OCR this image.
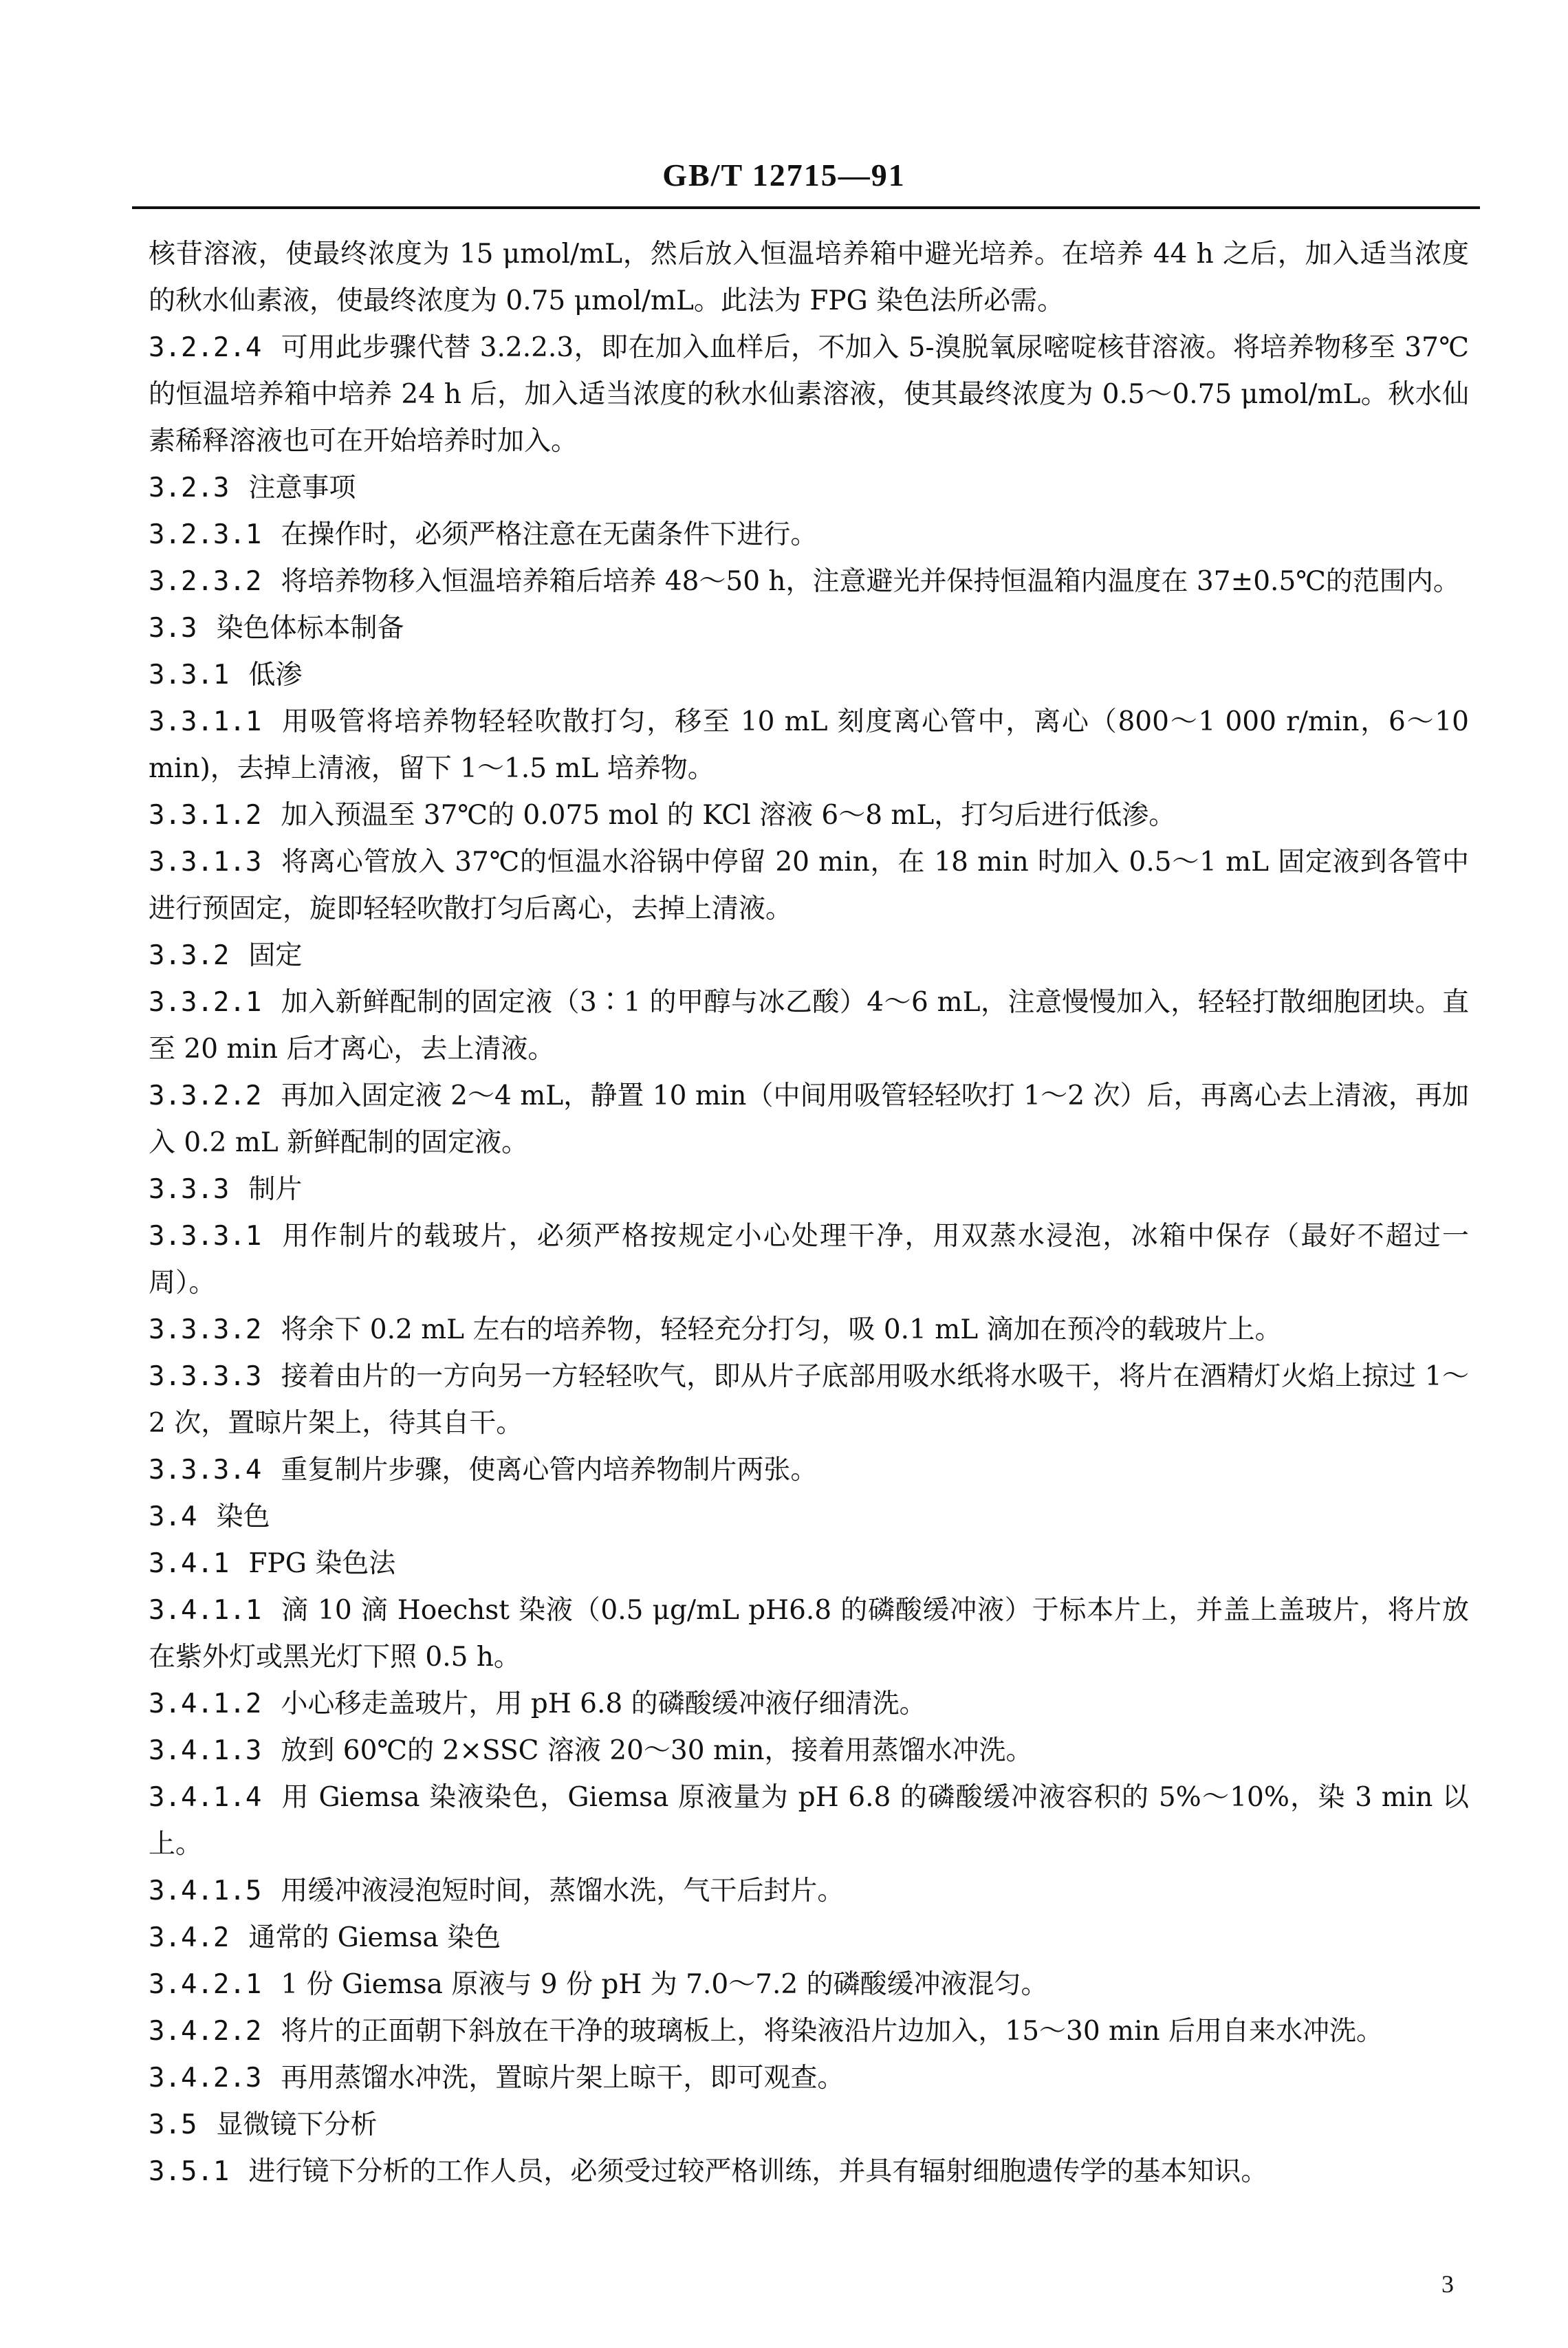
GB/T 12715—91

核苷溶液，使最终浓度为 15 μmol/mL，然后放入恒温培养箱中避光培养。在培养 44 h 之后，加入适当浓度的秋水仙素液，使最终浓度为 0.75 μmol/mL。此法为 FPG 染色法所必需。

3.2.2.4 可用此步骤代替 3.2.2.3，即在加入血样后，不加入 5-溴脱氧尿嘧啶核苷溶液。将培养物移至 37℃的恒温培养箱中培养 24 h 后，加入适当浓度的秋水仙素溶液，使其最终浓度为 0.5～0.75 μmol/mL。秋水仙素稀释溶液也可在开始培养时加入。

3.2.3 注意事项

3.2.3.1 在操作时，必须严格注意在无菌条件下进行。

3.2.3.2 将培养物移入恒温培养箱后培养 48～50 h，注意避光并保持恒温箱内温度在 37±0.5℃的范围内。

3.3 染色体标本制备

3.3.1 低渗

3.3.1.1 用吸管将培养物轻轻吹散打匀，移至 10 mL 刻度离心管中，离心（800～1 000 r/min，6～10 min)，去掉上清液，留下 1～1.5 mL 培养物。

3.3.1.2 加入预温至 37℃的 0.075 mol 的 KCl 溶液 6～8 mL，打匀后进行低渗。

3.3.1.3 将离心管放入 37℃的恒温水浴锅中停留 20 min，在 18 min 时加入 0.5～1 mL 固定液到各管中进行预固定，旋即轻轻吹散打匀后离心，去掉上清液。

3.3.2 固定

3.3.2.1 加入新鲜配制的固定液（3∶1 的甲醇与冰乙酸）4～6 mL，注意慢慢加入，轻轻打散细胞团块。直至 20 min 后才离心，去上清液。

3.3.2.2 再加入固定液 2～4 mL，静置 10 min（中间用吸管轻轻吹打 1～2 次）后，再离心去上清液，再加入 0.2 mL 新鲜配制的固定液。

3.3.3 制片

3.3.3.1 用作制片的载玻片，必须严格按规定小心处理干净，用双蒸水浸泡，冰箱中保存（最好不超过一周）。

3.3.3.2 将余下 0.2 mL 左右的培养物，轻轻充分打匀，吸 0.1 mL 滴加在预冷的载玻片上。

3.3.3.3 接着由片的一方向另一方轻轻吹气，即从片子底部用吸水纸将水吸干，将片在酒精灯火焰上掠过 1～2 次，置晾片架上，待其自干。

3.3.3.4 重复制片步骤，使离心管内培养物制片两张。

3.4 染色

3.4.1 FPG 染色法

3.4.1.1 滴 10 滴 Hoechst 染液（0.5 μg/mL pH6.8 的磷酸缓冲液）于标本片上，并盖上盖玻片，将片放在紫外灯或黑光灯下照 0.5 h。

3.4.1.2 小心移走盖玻片，用 pH 6.8 的磷酸缓冲液仔细清洗。

3.4.1.3 放到 60℃的 2×SSC 溶液 20～30 min，接着用蒸馏水冲洗。

3.4.1.4 用 Giemsa 染液染色，Giemsa 原液量为 pH 6.8 的磷酸缓冲液容积的 5%～10%，染 3 min 以上。

3.4.1.5 用缓冲液浸泡短时间，蒸馏水洗，气干后封片。

3.4.2 通常的 Giemsa 染色

3.4.2.1 1 份 Giemsa 原液与 9 份 pH 为 7.0～7.2 的磷酸缓冲液混匀。

3.4.2.2 将片的正面朝下斜放在干净的玻璃板上，将染液沿片边加入，15～30 min 后用自来水冲洗。

3.4.2.3 再用蒸馏水冲洗，置晾片架上晾干，即可观查。

3.5 显微镜下分析

3.5.1 进行镜下分析的工作人员，必须受过较严格训练，并具有辐射细胞遗传学的基本知识。

3
